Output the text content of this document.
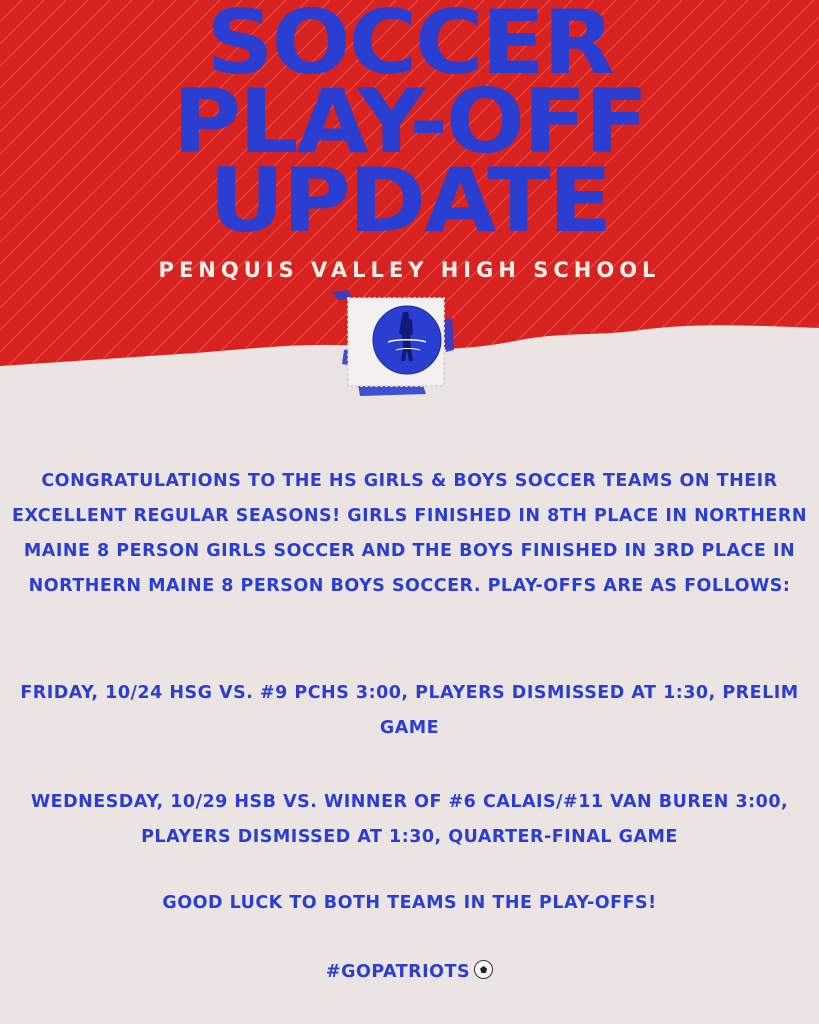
SOCCER
PLAY-OFF
UPDATE

PENQUIS VALLEY HIGH SCHOOL

CONGRATULATIONS TO THE HS GIRLS & BOYS SOCCER TEAMS ON THEIR EXCELLENT REGULAR SEASONS! GIRLS FINISHED IN 8TH PLACE IN NORTHERN MAINE 8 PERSON GIRLS SOCCER AND THE BOYS FINISHED IN 3RD PLACE IN NORTHERN MAINE 8 PERSON BOYS SOCCER. PLAY-OFFS ARE AS FOLLOWS:

FRIDAY, 10/24 HSG VS. #9 PCHS 3:00, PLAYERS DISMISSED AT 1:30, PRELIM GAME

WEDNESDAY, 10/29 HSB VS. WINNER OF #6 CALAIS/#11 VAN BUREN 3:00, PLAYERS DISMISSED AT 1:30, QUARTER-FINAL GAME

GOOD LUCK TO BOTH TEAMS IN THE PLAY-OFFS!

#GOPATRIOTS
